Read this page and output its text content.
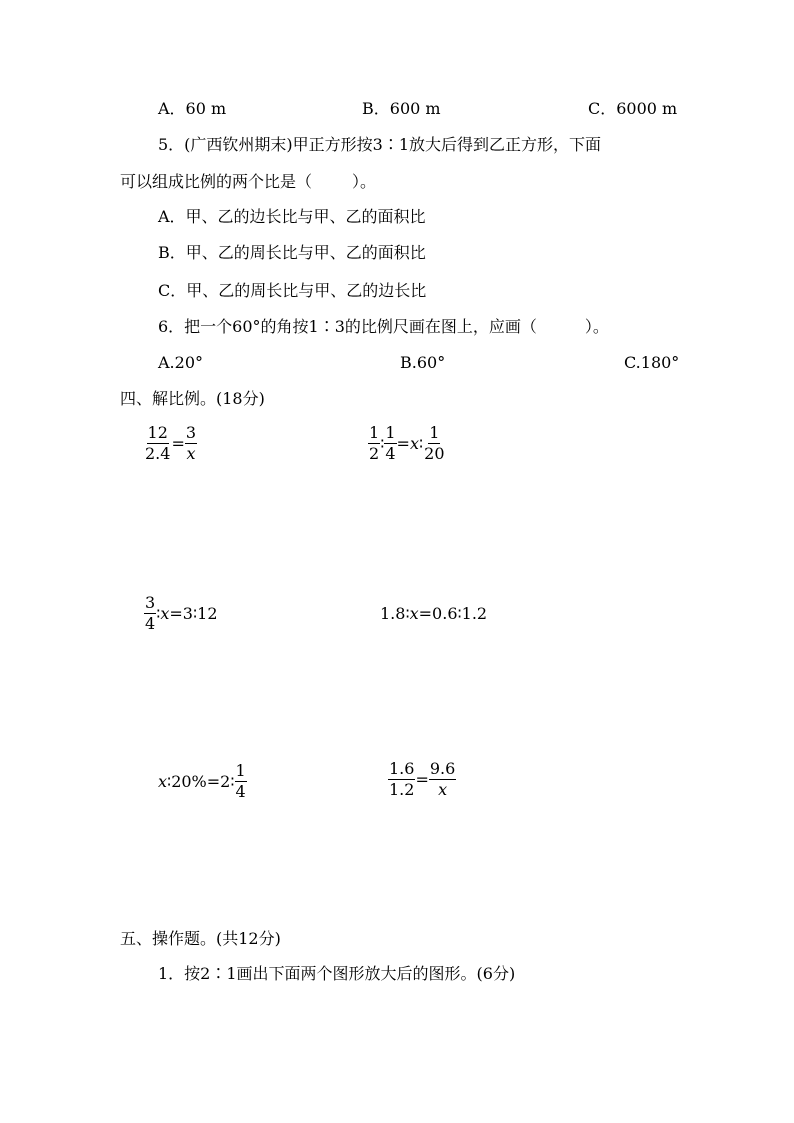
A．60 m	B．600 m	C．6000 m
5．(广西钦州期末)甲正方形按3∶1放大后得到乙正方形，下面
可以组成比例的两个比是（	）。
A．甲、乙的边长比与甲、乙的面积比
B．甲、乙的周长比与甲、乙的面积比
C．甲、乙的周长比与甲、乙的边长比
6．把一个60°的角按1∶3的比例尺画在图上，应画（	）。
A.20°	B.60°	C.180°
四、解比例。(18分)
$\frac{12}{2.4} = \frac{3}{x}$	$\frac{1}{2}$ ∶ $\frac{1}{4} = x$ ∶ $\frac{1}{20}$
$\frac{3}{4}$ ∶ x =3∶12	1.8∶ x =0.6∶1.2
x ∶20%=2∶ $\frac{1}{4}$	$\frac{1.6}{1.2} = \frac{9.6}{x}$
五、操作题。(共12分)
1．按2∶1画出下面两个图形放大后的图形。(6分)
